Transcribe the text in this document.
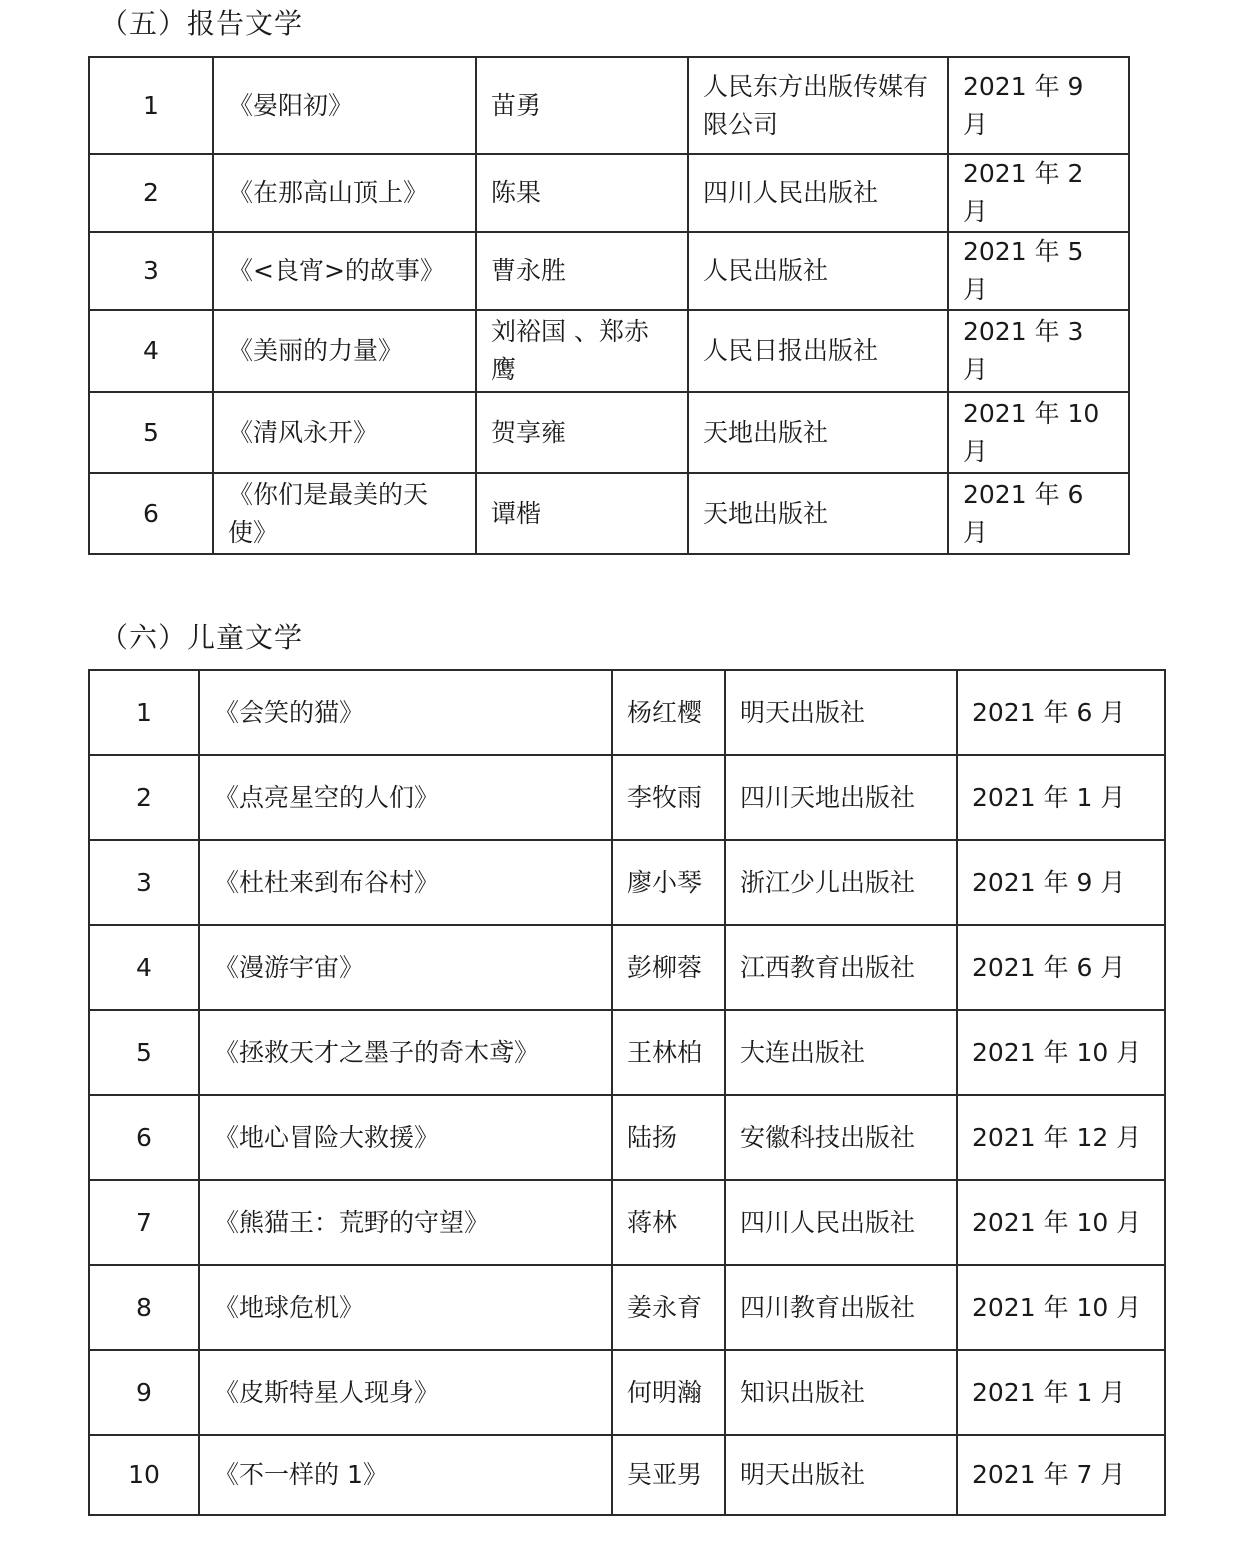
（五）报告文学
1	《晏阳初》	苗勇	人民东方出版传媒有限公司	2021 年 9 月
2	《在那高山顶上》	陈果	四川人民出版社	2021 年 2 月
3	《<良宵>的故事》	曹永胜	人民出版社	2021 年 5 月
4	《美丽的力量》	刘裕国 、郑赤鹰	人民日报出版社	2021 年 3 月
5	《清风永开》	贺享雍	天地出版社	2021 年 10 月
6	《你们是最美的天使》	谭楷	天地出版社	2021 年 6 月
（六）儿童文学
1	《会笑的猫》	杨红樱	明天出版社	2021 年 6 月
2	《点亮星空的人们》	李牧雨	四川天地出版社	2021 年 1 月
3	《杜杜来到布谷村》	廖小琴	浙江少儿出版社	2021 年 9 月
4	《漫游宇宙》	彭柳蓉	江西教育出版社	2021 年 6 月
5	《拯救天才之墨子的奇木鸢》	王林柏	大连出版社	2021 年 10 月
6	《地心冒险大救援》	陆扬	安徽科技出版社	2021 年 12 月
7	《熊猫王：荒野的守望》	蒋林	四川人民出版社	2021 年 10 月
8	《地球危机》	姜永育	四川教育出版社	2021 年 10 月
9	《皮斯特星人现身》	何明瀚	知识出版社	2021 年 1 月
10	《不一样的 1》	吴亚男	明天出版社	2021 年 7 月
